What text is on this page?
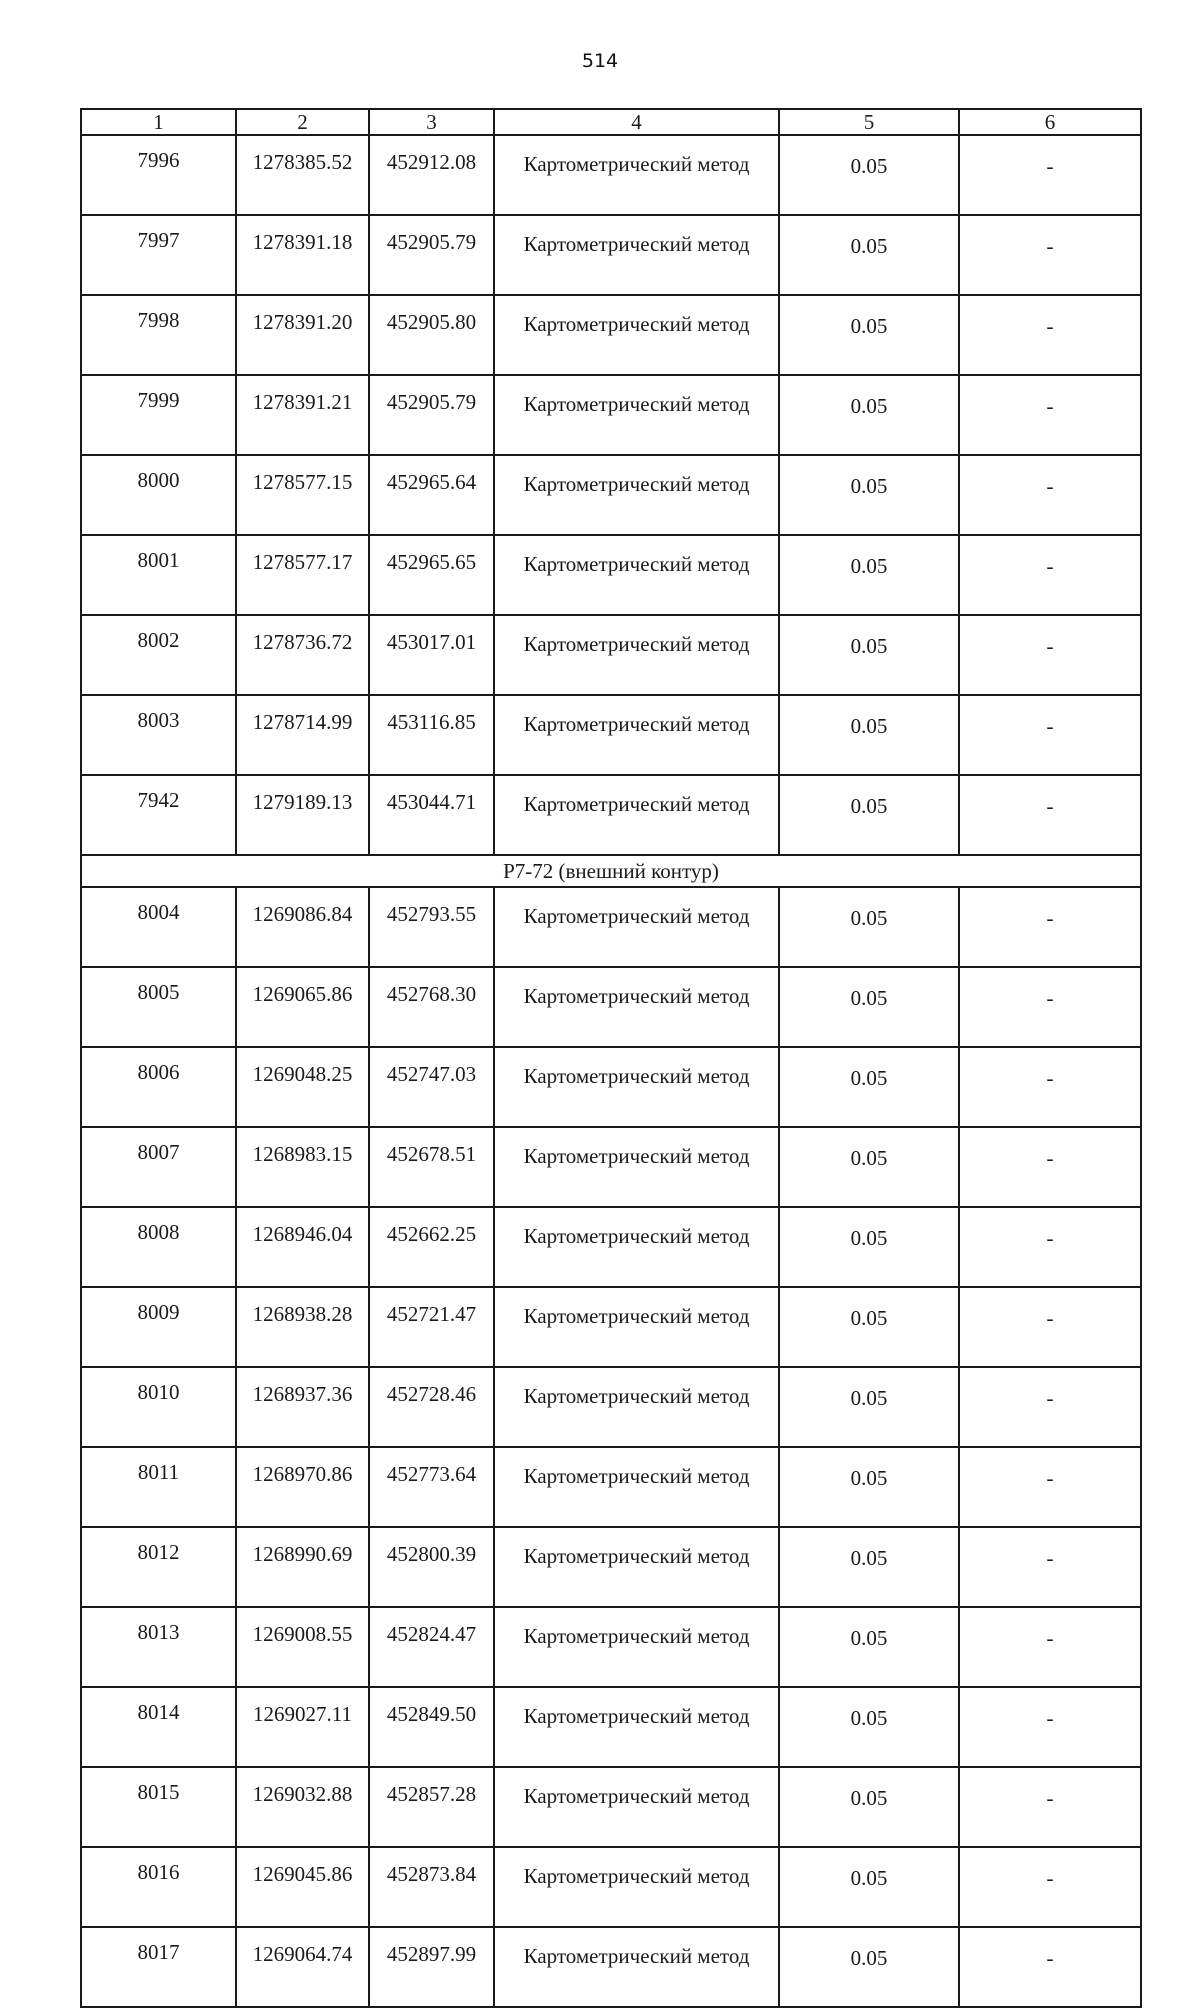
514
1	2	3	4	5	6
7996	1278385.52	452912.08	Картометрический метод	0.05	-
7997	1278391.18	452905.79	Картометрический метод	0.05	-
7998	1278391.20	452905.80	Картометрический метод	0.05	-
7999	1278391.21	452905.79	Картометрический метод	0.05	-
8000	1278577.15	452965.64	Картометрический метод	0.05	-
8001	1278577.17	452965.65	Картометрический метод	0.05	-
8002	1278736.72	453017.01	Картометрический метод	0.05	-
8003	1278714.99	453116.85	Картометрический метод	0.05	-
7942	1279189.13	453044.71	Картометрический метод	0.05	-
Р7-72 (внешний контур)					
8004	1269086.84	452793.55	Картометрический метод	0.05	-
8005	1269065.86	452768.30	Картометрический метод	0.05	-
8006	1269048.25	452747.03	Картометрический метод	0.05	-
8007	1268983.15	452678.51	Картометрический метод	0.05	-
8008	1268946.04	452662.25	Картометрический метод	0.05	-
8009	1268938.28	452721.47	Картометрический метод	0.05	-
8010	1268937.36	452728.46	Картометрический метод	0.05	-
8011	1268970.86	452773.64	Картометрический метод	0.05	-
8012	1268990.69	452800.39	Картометрический метод	0.05	-
8013	1269008.55	452824.47	Картометрический метод	0.05	-
8014	1269027.11	452849.50	Картометрический метод	0.05	-
8015	1269032.88	452857.28	Картометрический метод	0.05	-
8016	1269045.86	452873.84	Картометрический метод	0.05	-
8017	1269064.74	452897.99	Картометрический метод	0.05	-
